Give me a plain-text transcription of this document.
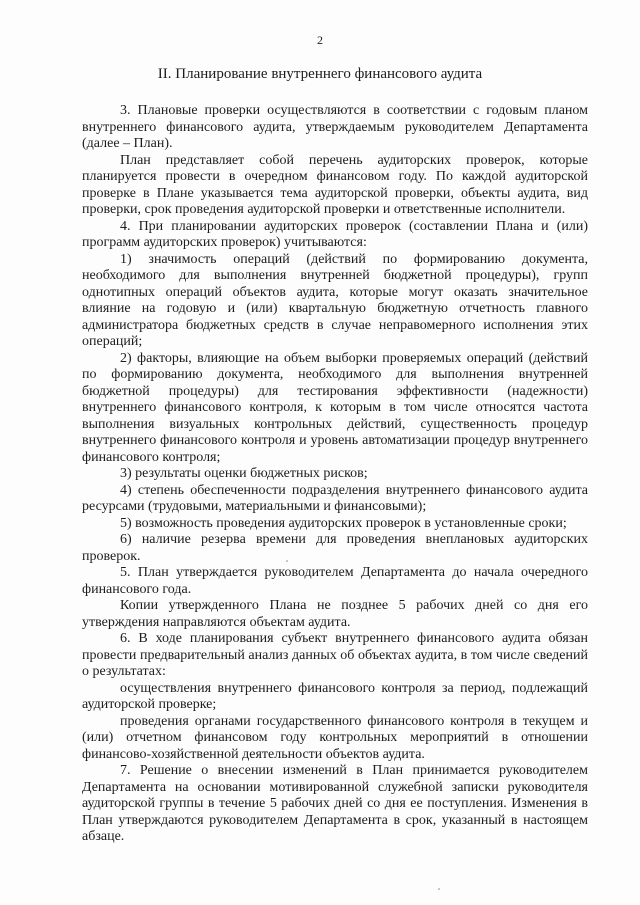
2
II. Планирование внутреннего финансового аудита

3. Плановые проверки осуществляются в соответствии с годовым планом внутреннего финансового аудита, утверждаемым руководителем Департамента (далее – План).

План представляет собой перечень аудиторских проверок, которые планируется провести в очередном финансовом году. По каждой аудиторской проверке в Плане указывается тема аудиторской проверки, объекты аудита, вид проверки, срок проведения аудиторской проверки и ответственные исполнители.

4. При планировании аудиторских проверок (составлении Плана и (или) программ аудиторских проверок) учитываются:

1) значимость операций (действий по формированию документа, необходимого для выполнения внутренней бюджетной процедуры), групп однотипных операций объектов аудита, которые могут оказать значительное влияние на годовую и (или) квартальную бюджетную отчетность главного администратора бюджетных средств в случае неправомерного исполнения этих операций;

2) факторы, влияющие на объем выборки проверяемых операций (действий по формированию документа, необходимого для выполнения внутренней бюджетной процедуры) для тестирования эффективности (надежности) внутреннего финансового контроля, к которым в том числе относятся частота выполнения визуальных контрольных действий, существенность процедур внутреннего финансового контроля и уровень автоматизации процедур внутреннего финансового контроля;

3) результаты оценки бюджетных рисков;

4) степень обеспеченности подразделения внутреннего финансового аудита ресурсами (трудовыми, материальными и финансовыми);

5) возможность проведения аудиторских проверок в установленные сроки;

6) наличие резерва времени для проведения внеплановых аудиторских проверок.

5. План утверждается руководителем Департамента до начала очередного финансового года.

Копии утвержденного Плана не позднее 5 рабочих дней со дня его утверждения направляются объектам аудита.

6. В ходе планирования субъект внутреннего финансового аудита обязан провести предварительный анализ данных об объектах аудита, в том числе сведений о результатах:

осуществления внутреннего финансового контроля за период, подлежащий аудиторской проверке;

проведения органами государственного финансового контроля в текущем и (или) отчетном финансовом году контрольных мероприятий в отношении финансово-хозяйственной деятельности объектов аудита.

7. Решение о внесении изменений в План принимается руководителем Департамента на основании мотивированной служебной записки руководителя аудиторской группы в течение 5 рабочих дней со дня ее поступления. Изменения в План утверждаются руководителем Департамента в срок, указанный в настоящем абзаце.
